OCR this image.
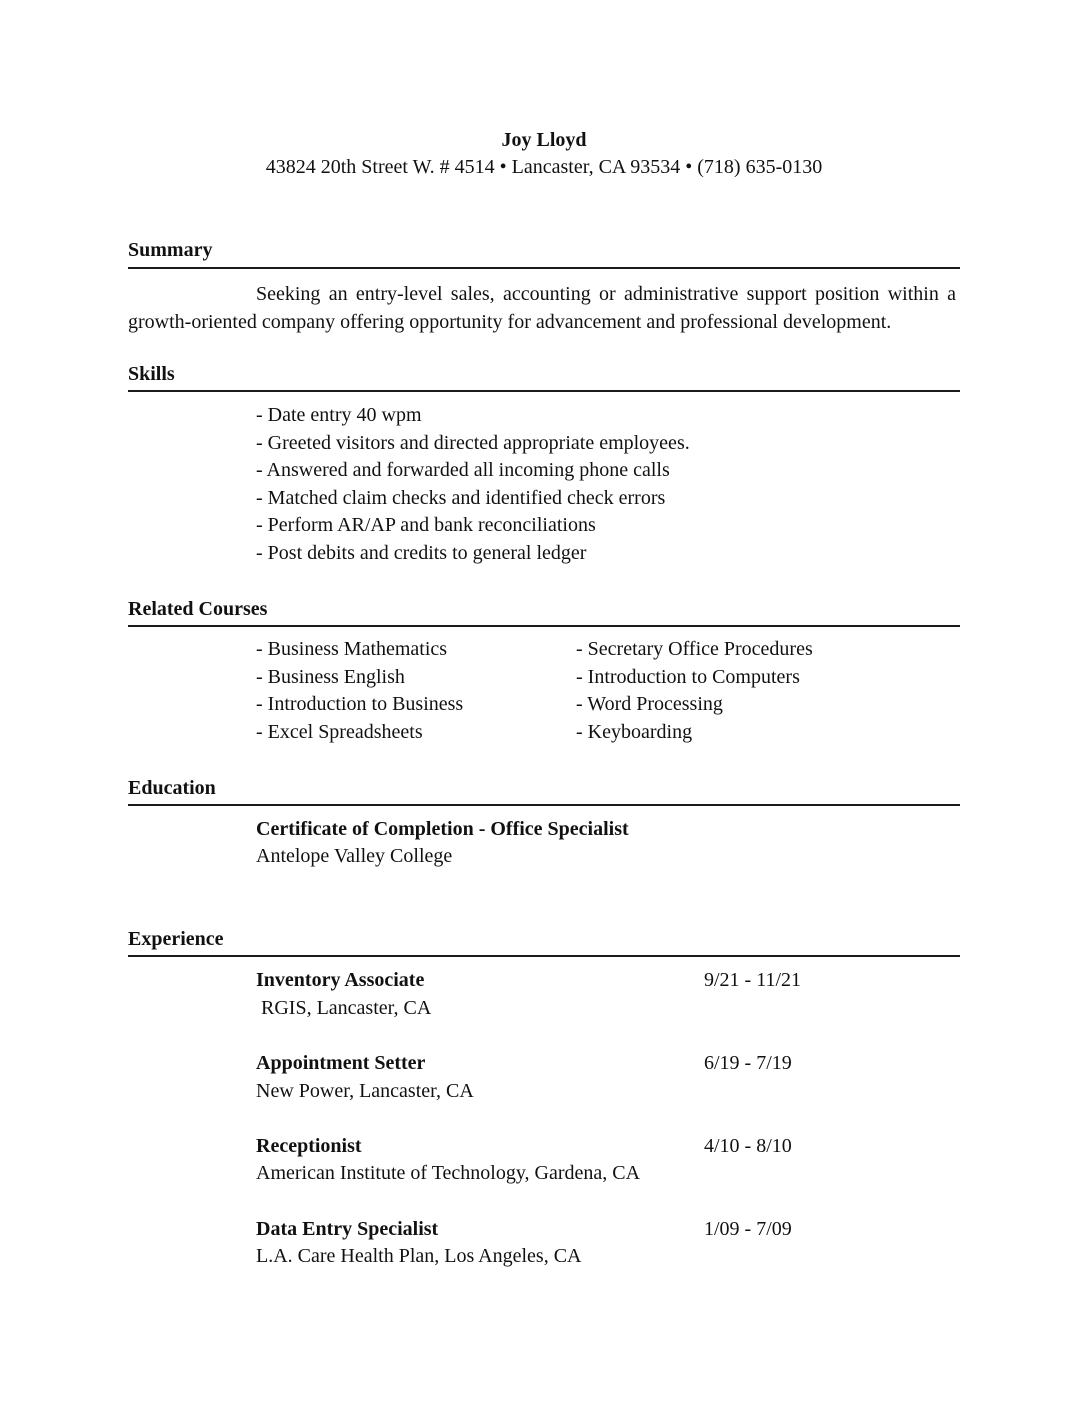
Joy Lloyd
43824 20th Street W. # 4514 • Lancaster, CA 93534 • (718) 635-0130
Summary
Seeking an entry-level sales, accounting or administrative support position within a growth-oriented company offering opportunity for advancement and professional development.
Skills
- Date entry 40 wpm
- Greeted visitors and directed appropriate employees.
- Answered and forwarded all incoming phone calls
- Matched claim checks and identified check errors
- Perform AR/AP and bank reconciliations
- Post debits and credits to general ledger
Related Courses
- Business Mathematics
- Business English
- Introduction to Business
- Excel Spreadsheets
- Secretary Office Procedures
- Introduction to Computers
- Word Processing
- Keyboarding
Education
Certificate of Completion - Office Specialist
Antelope Valley College
Experience
Inventory Associate	9/21 - 11/21
RGIS, Lancaster, CA
Appointment Setter	6/19 - 7/19
New Power, Lancaster, CA
Receptionist	4/10 - 8/10
American Institute of Technology, Gardena, CA
Data Entry Specialist	1/09 - 7/09
L.A. Care Health Plan, Los Angeles, CA
